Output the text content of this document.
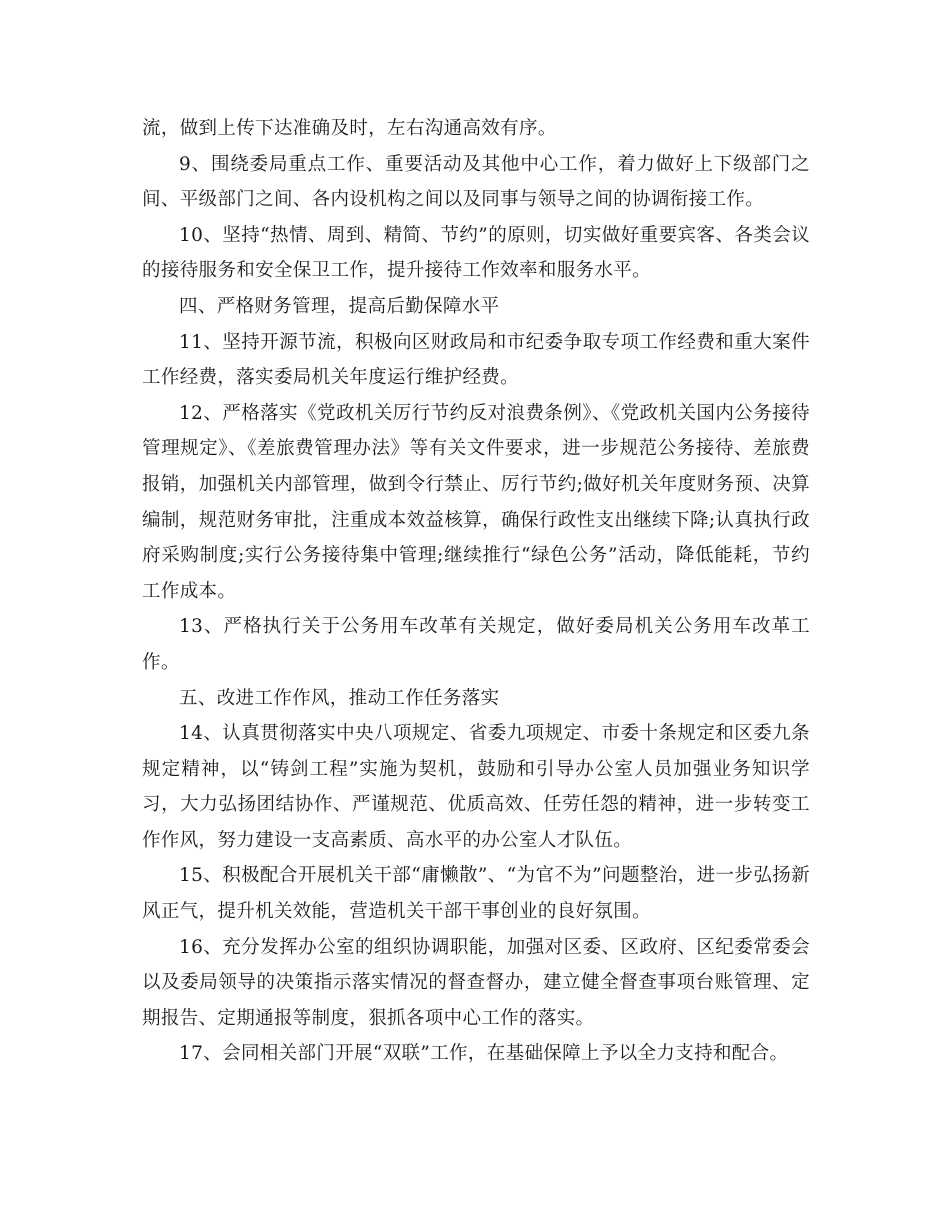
流，做到上传下达准确及时，左右沟通高效有序。

9、围绕委局重点工作、重要活动及其他中心工作，着力做好上下级部门之间、平级部门之间、各内设机构之间以及同事与领导之间的协调衔接工作。

10、坚持“热情、周到、精简、节约”的原则，切实做好重要宾客、各类会议的接待服务和安全保卫工作，提升接待工作效率和服务水平。

四、严格财务管理，提高后勤保障水平

11、坚持开源节流，积极向区财政局和市纪委争取专项工作经费和重大案件工作经费，落实委局机关年度运行维护经费。

12、严格落实《党政机关厉行节约反对浪费条例》、《党政机关国内公务接待管理规定》、《差旅费管理办法》等有关文件要求，进一步规范公务接待、差旅费报销，加强机关内部管理，做到令行禁止、厉行节约;做好机关年度财务预、决算编制，规范财务审批，注重成本效益核算，确保行政性支出继续下降;认真执行政府采购制度;实行公务接待集中管理;继续推行“绿色公务”活动，降低能耗，节约工作成本。

13、严格执行关于公务用车改革有关规定，做好委局机关公务用车改革工作。

五、改进工作作风，推动工作任务落实

14、认真贯彻落实中央八项规定、省委九项规定、市委十条规定和区委九条规定精神，以“铸剑工程”实施为契机，鼓励和引导办公室人员加强业务知识学习，大力弘扬团结协作、严谨规范、优质高效、任劳任怨的精神，进一步转变工作作风，努力建设一支高素质、高水平的办公室人才队伍。

15、积极配合开展机关干部“庸懒散”、“为官不为”问题整治，进一步弘扬新风正气，提升机关效能，营造机关干部干事创业的良好氛围。

16、充分发挥办公室的组织协调职能，加强对区委、区政府、区纪委常委会以及委局领导的决策指示落实情况的督查督办，建立健全督查事项台账管理、定期报告、定期通报等制度，狠抓各项中心工作的落实。

17、会同相关部门开展“双联”工作，在基础保障上予以全力支持和配合。
